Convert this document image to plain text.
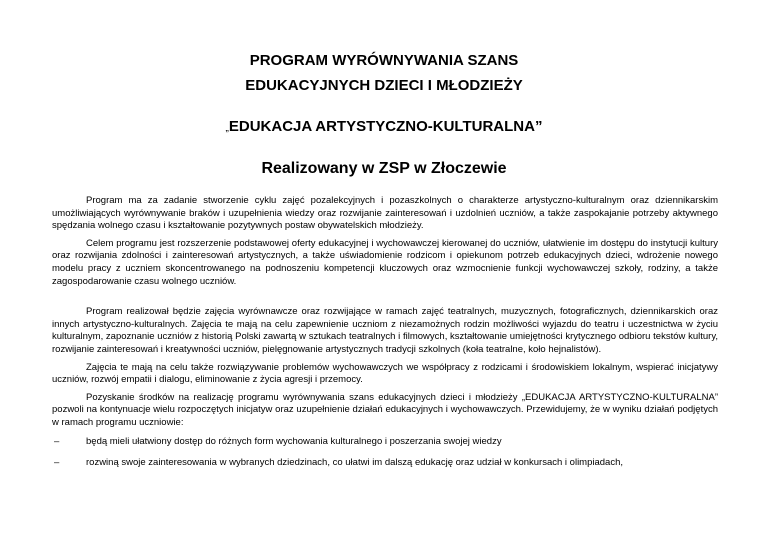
PROGRAM WYRÓWNYWANIA SZANS
EDUKACYJNYCH DZIECI I MŁODZIEŻY
„EDUKACJA ARTYSTYCZNO-KULTURALNA”
Realizowany w ZSP w Złoczewie

Program ma za zadanie stworzenie cyklu zajęć pozalekcyjnych i pozaszkolnych o charakterze artystyczno-kulturalnym oraz dziennikarskim umożliwiających wyrównywanie braków i uzupełnienia wiedzy oraz rozwijanie zainteresowań i uzdolnień uczniów, a także zaspokajanie potrzeby aktywnego spędzania wolnego czasu i kształtowanie pozytywnych postaw obywatelskich młodzieży.

Celem programu jest rozszerzenie podstawowej oferty edukacyjnej i wychowawczej kierowanej do uczniów, ułatwienie im dostępu do instytucji kultury oraz rozwijania zdolności i zainteresowań artystycznych, a także uświadomienie rodzicom i opiekunom potrzeb edukacyjnych dzieci, wdrożenie nowego modelu pracy z uczniem skoncentrowanego na podnoszeniu kompetencji kluczowych oraz wzmocnienie funkcji wychowawczej szkoły, rodziny, a także zagospodarowanie czasu wolnego uczniów.

Program realizował będzie zajęcia wyrównawcze oraz rozwijające w ramach zajęć teatralnych, muzycznych, fotograficznych, dziennikarskich oraz innych artystyczno-kulturalnych. Zajęcia te mają na celu zapewnienie uczniom z niezamożnych rodzin możliwości wyjazdu do teatru i uczestnictwa w życiu kulturalnym, zapoznanie uczniów z historią Polski zawartą w sztukach teatralnych i filmowych, kształtowanie umiejętności krytycznego odbioru tekstów kultury, rozwijanie zainteresowań i kreatywności uczniów, pielęgnowanie artystycznych tradycji szkolnych (koła teatralne, koło hejnalistów).

Zajęcia te mają na celu także rozwiązywanie problemów wychowawczych we współpracy z rodzicami i środowiskiem lokalnym, wspierać inicjatywy uczniów, rozwój empatii i dialogu, eliminowanie z życia agresji i przemocy.

Pozyskanie środków na realizację programu wyrównywania szans edukacyjnych dzieci i młodzieży „EDUKACJA ARTYSTYCZNO-KULTURALNA” pozwoli na kontynuacje wielu rozpoczętych inicjatyw oraz uzupełnienie działań edukacyjnych i wychowawczych. Przewidujemy, że w wyniku działań podjętych w ramach programu uczniowie:

–	będą mieli ułatwiony dostęp do różnych form wychowania kulturalnego i poszerzania swojej wiedzy
–	rozwiną swoje zainteresowania w wybranych dziedzinach, co ułatwi im dalszą edukację oraz udział w konkursach i olimpiadach,
